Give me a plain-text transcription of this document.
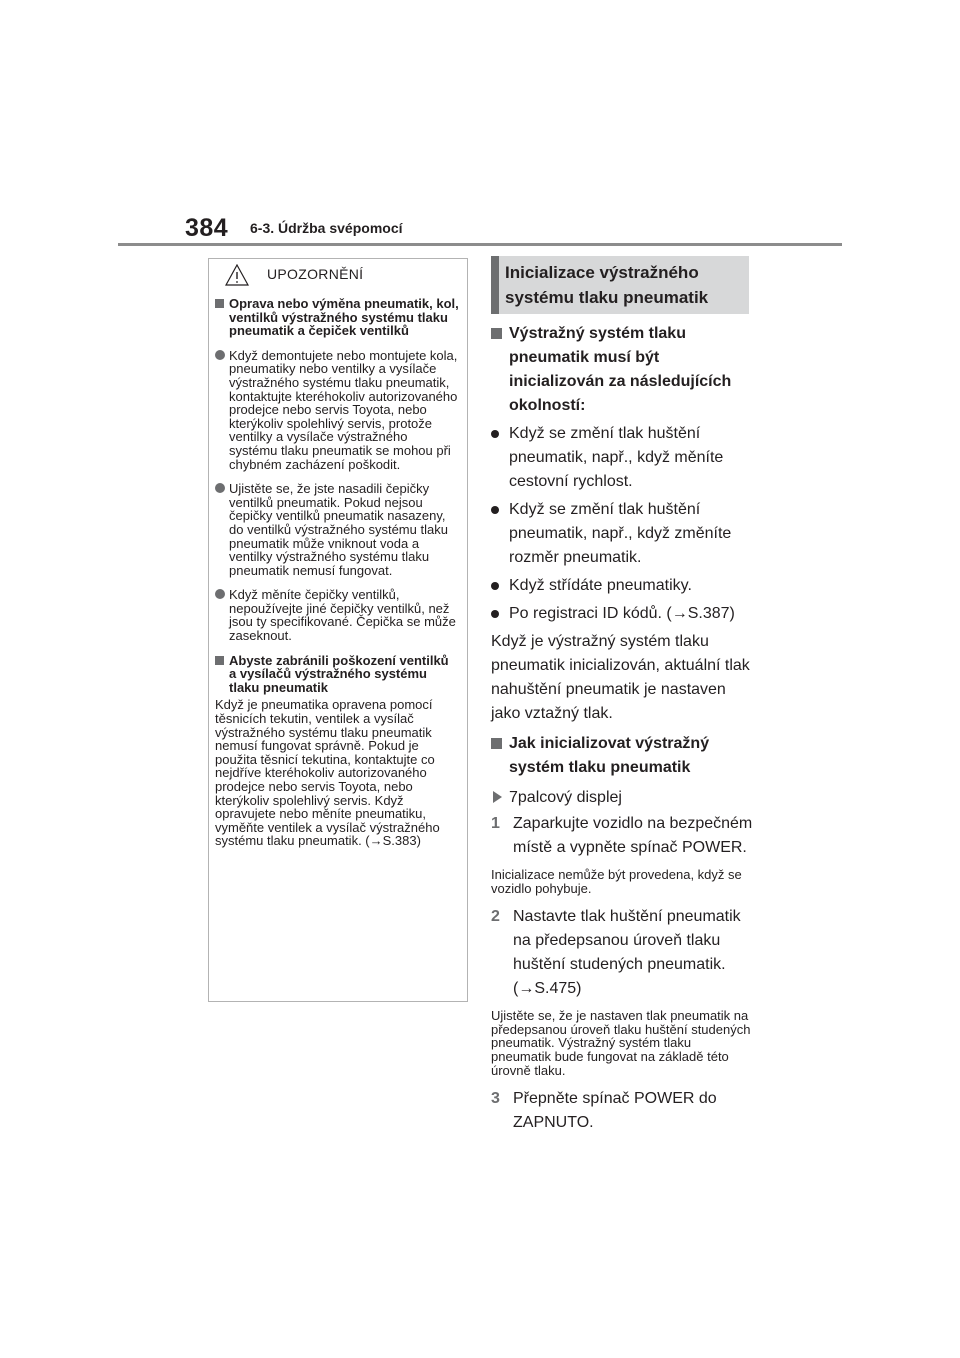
384 6-3. Údržba svépomocí
UPOZORNĚNÍ
Oprava nebo výměna pneumatik, kol, ventilků výstražného systému tlaku pneumatik a čepiček ventilků
Když demontujete nebo montujete kola, pneumatiky nebo ventilky a vysílače výstražného systému tlaku pneumatik, kontaktujte kteréhokoliv autorizovaného prodejce nebo servis Toyota, nebo kterýkoliv spolehlivý servis, protože ventilky a vysílače výstražného systému tlaku pneumatik se mohou při chybném zacházení poškodit.
Ujistěte se, že jste nasadili čepičky ventilků pneumatik. Pokud nejsou čepičky ventilků pneumatik nasazeny, do ventilků výstražného systému tlaku pneumatik může vniknout voda a ventilky výstražného systému tlaku pneumatik nemusí fungovat.
Když měníte čepičky ventilků, nepoužívejte jiné čepičky ventilků, než jsou ty specifikované. Čepička se může zaseknout.
Abyste zabránili poškození ventilků a vysílačů výstražného systému tlaku pneumatik
Když je pneumatika opravena pomocí těsnicích tekutin, ventilek a vysílač výstražného systému tlaku pneumatik nemusí fungovat správně. Pokud je použita těsnicí tekutina, kontaktujte co nejdříve kteréhokoliv autorizovaného prodejce nebo servis Toyota, nebo kterýkoliv spolehlivý servis. Když opravujete nebo měníte pneumatiku, vyměňte ventilek a vysílač výstražného systému tlaku pneumatik. (→S.383)
Inicializace výstražného systému tlaku pneumatik
Výstražný systém tlaku pneumatik musí být inicializován za následujících okolností:
Když se změní tlak huštění pneumatik, např., když měníte cestovní rychlost.
Když se změní tlak huštění pneumatik, např., když změníte rozměr pneumatik.
Když střídáte pneumatiky.
Po registraci ID kódů. (→S.387)
Když je výstražný systém tlaku pneumatik inicializován, aktuální tlak nahuštění pneumatik je nastaven jako vztažný tlak.
Jak inicializovat výstražný systém tlaku pneumatik
7palcový displej
1 Zaparkujte vozidlo na bezpečném místě a vypněte spínač POWER.
Inicializace nemůže být provedena, když se vozidlo pohybuje.
2 Nastavte tlak huštění pneumatik na předepsanou úroveň tlaku huštění studených pneumatik. (→S.475)
Ujistěte se, že je nastaven tlak pneumatik na předepsanou úroveň tlaku huštění studených pneumatik. Výstražný systém tlaku pneumatik bude fungovat na základě této úrovně tlaku.
3 Přepněte spínač POWER do ZAPNUTO.
